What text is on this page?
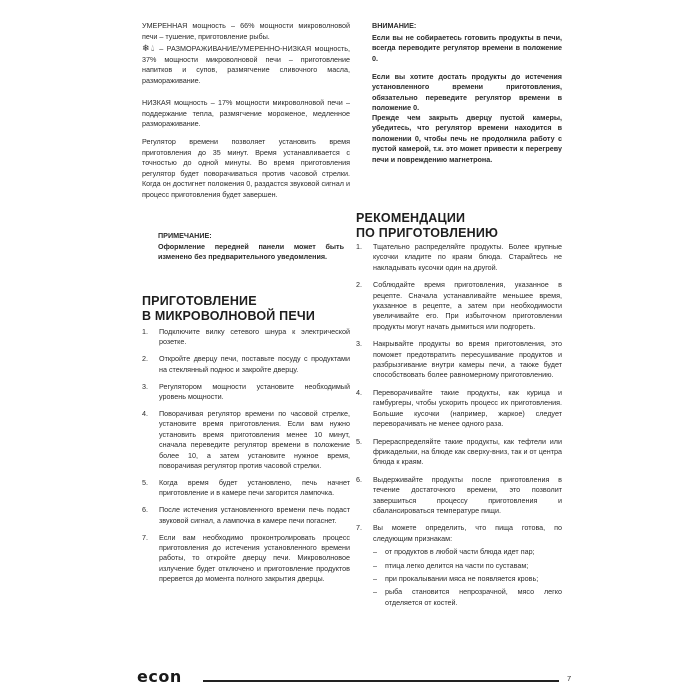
УМЕРЕННАЯ мощность – 66% мощности микроволновой печи – тушение, приготовление рыбы.
❄💧︎ – РАЗМОРАЖИВАНИЕ/УМЕРЕННО-НИЗКАЯ мощность, 37% мощности микроволновой печи – приготовление напитков и супов, размягчение сливочного масла, размораживание.
НИЗКАЯ мощность – 17% мощности микроволновой печи – поддержание тепла, размягчение мороженое, медленное размораживание.

Регулятор времени позволяет установить время приготовления до 35 минут. Время устанавливается с точностью до одной минуты. Во время приготовления регулятор будет поворачиваться против часовой стрелки. Когда он достигнет положения 0, раздастся звуковой сигнал и процесс приготовления будет завершен.

ПРИМЕЧАНИЕ:
Оформление передней панели может быть изменено без предварительного уведомления.
ПРИГОТОВЛЕНИЕ
В МИКРОВОЛНОВОЙ ПЕЧИ
1. Подключите вилку сетевого шнура к электрической розетке.
2. Откройте дверцу печи, поставьте посуду с продуктами на стеклянный поднос и закройте дверцу.
3. Регулятором мощности установите необходимый уровень мощности.
4. Поворачивая регулятор времени по часовой стрелке, установите время приготовления. Если вам нужно установить время приготовления менее 10 минут, сначала переведите регулятор времени в положение более 10, а затем установите нужное время, поворачивая регулятор против часовой стрелки.
5. Когда время будет установлено, печь начнет приготовление и в камере печи загорится лампочка.
6. После истечения установленного времени печь подаст звуковой сигнал, а лампочка в камере печи погаснет.
7. Если вам необходимо проконтролировать процесс приготовления до истечения установленного времени работы, то откройте дверцу печи. Микроволновое излучение будет отключено и приготовление продуктов прервется до момента полного закрытия дверцы.
ВНИМАНИЕ:

Если вы не собираетесь готовить продукты в печи, всегда переводите регулятор времени в положение 0.

Если вы хотите достать продукты до истечения установленного времени приготовления, обязательно переведите регулятор времени в положение 0.

Прежде чем закрыть дверцу пустой камеры, убедитесь, что регулятор времени находится в положении 0, чтобы печь не продолжила работу с пустой камерой, т.к. это может привести к перегреву печи и повреждению магнетрона.

РЕКОМЕНДАЦИИ
ПО ПРИГОТОВЛЕНИЮ
1. Тщательно распределяйте продукты. Более крупные кусочки кладите по краям блюда. Старайтесь не накладывать кусочки один на другой.
2. Соблюдайте время приготовления, указанное в рецепте. Сначала устанавливайте меньшее время, указанное в рецепте, а затем при необходимости увеличивайте его. При избыточном приготовлении продукты могут начать дымиться или подгореть.
3. Накрывайте продукты во время приготовления, это поможет предотвратить пересушивание продуктов и разбрызгивание внутри камеры печи, а также будет способствовать более равномерному приготовлению.
4. Переворачивайте такие продукты, как курица и гамбургеры, чтобы ускорить процесс их приготовления. Большие кусочки (например, жаркое) следует переворачивать не менее одного раза.
5. Перераспределяйте такие продукты, как тефтели или фрикадельки, на блюде как сверху-вниз, так и от центра блюда к краям.
6. Выдерживайте продукты после приготовления в течение достаточного времени, это позволит завершиться процессу приготовления и сбалансироваться температуре пищи.
7. Вы можете определить, что пища готова, по следующим признакам:
– от продуктов в любой части блюда идет пар;
– птица легко делится на части по суставам;
– при прокалывании мяса не появляется кровь;
– рыба становится непрозрачной, мясо легко отделяется от костей.
econ	7
